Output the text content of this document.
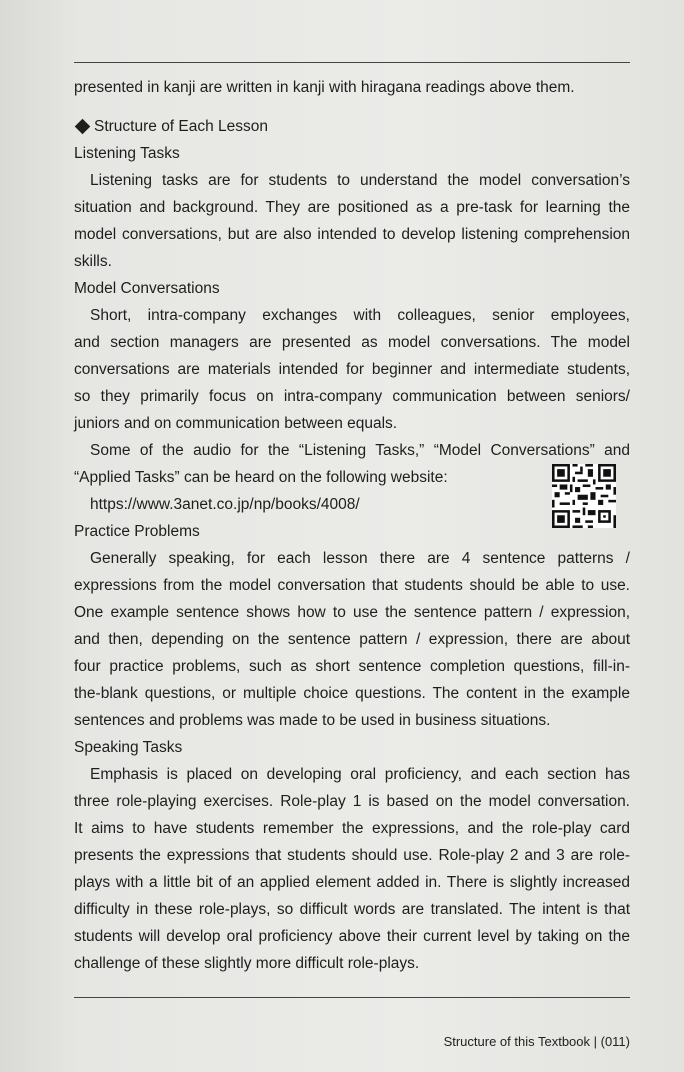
presented in kanji are written in kanji with hiragana readings above them.

Structure of Each Lesson
Listening Tasks

Listening tasks are for students to understand the model conversation’s

situation and background. They are positioned as a pre-task for learning the

model conversations, but are also intended to develop listening comprehension

skills.

Model Conversations

Short, intra-company exchanges with colleagues, senior employees,

and section managers are presented as model conversations. The model

conversations are materials intended for beginner and intermediate students,

so they primarily focus on intra-company communication between seniors/

juniors and on communication between equals.

Some of the audio for the “Listening Tasks,” “Model Conversations” and

“Applied Tasks” can be heard on the following website:

https://www.3anet.co.jp/np/books/4008/

Practice Problems

Generally speaking, for each lesson there are 4 sentence patterns /

expressions from the model conversation that students should be able to use.

One example sentence shows how to use the sentence pattern / expression,

and then, depending on the sentence pattern / expression, there are about

four practice problems, such as short sentence completion questions, fill-in-

the-blank questions, or multiple choice questions. The content in the example

sentences and problems was made to be used in business situations.

Speaking Tasks

Emphasis is placed on developing oral proficiency, and each section has

three role-playing exercises. Role-play 1 is based on the model conversation.

It aims to have students remember the expressions, and the role-play card

presents the expressions that students should use. Role-play 2 and 3 are role-

plays with a little bit of an applied element added in. There is slightly increased

difficulty in these role-plays, so difficult words are translated. The intent is that

students will develop oral proficiency above their current level by taking on the

challenge of these slightly more difficult role-plays.

Structure of this Textbook | (011)
